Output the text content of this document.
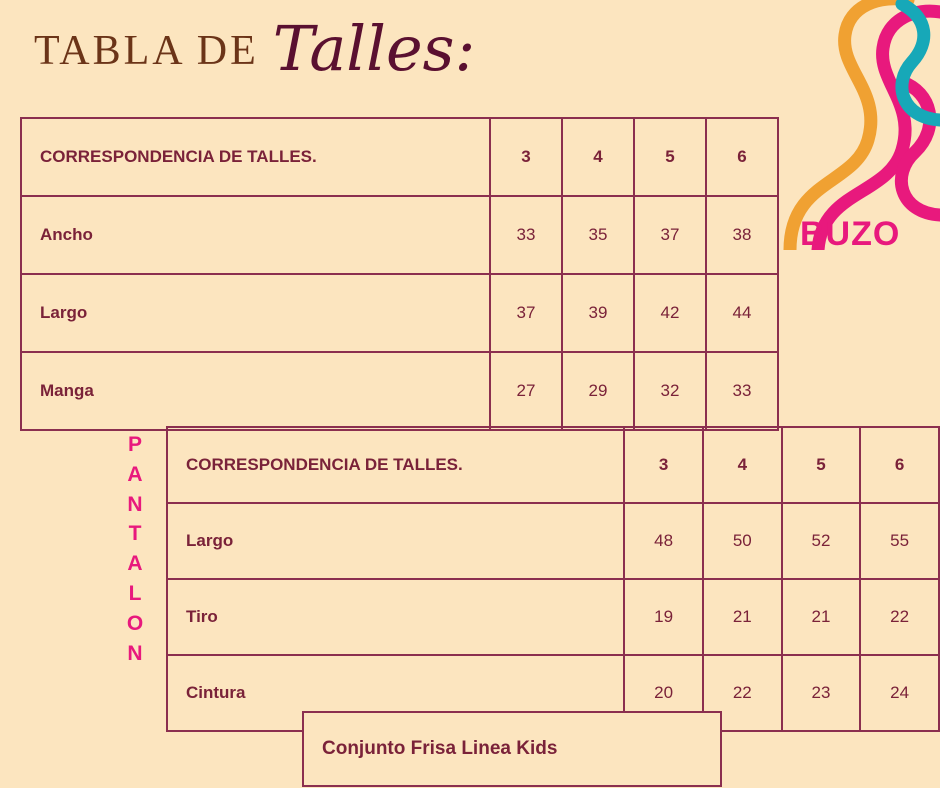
TABLA DE Talles:
BUZO
CORRESPONDENCIA DE TALLES.	3	4	5	6
Ancho	33	35	37	38
Largo	37	39	42	44
Manga	27	29	32	33
P
A
N
T
A
L
O
N
CORRESPONDENCIA DE TALLES.	3	4	5	6
Largo	48	50	52	55
Tiro	19	21	21	22
Cintura	20	22	23	24
Conjunto Frisa Linea Kids
